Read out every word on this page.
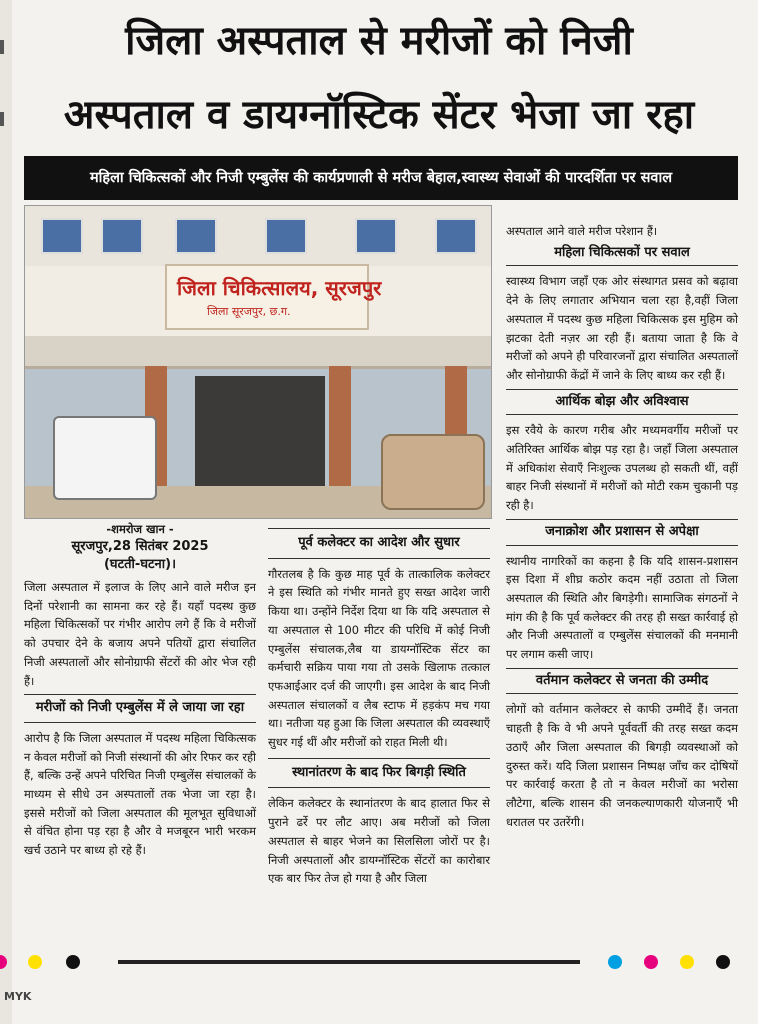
जिला अस्पताल से मरीजों को निजी
अस्पताल व डायग्नॉस्टिक सेंटर भेजा जा रहा
महिला चिकित्सकों और निजी एम्बुलेंस की कार्यप्रणाली से मरीज बेहाल,स्वास्थ्य सेवाओं की पारदर्शिता पर सवाल
जिला चिकित्सालय, सूरजपुर
जिला सूरजपुर, छ.ग.
-शमरोज खान -
सूरजपुर,28 सितंबर 2025
(घटती-घटना)।

जिला अस्पताल में इलाज के लिए आने वाले मरीज इन दिनों परेशानी का सामना कर रहे हैं। यहाँ पदस्थ कुछ महिला चिकित्सकों पर गंभीर आरोप लगे हैं कि वे मरीजों को उपचार देने के बजाय अपने पतियों द्वारा संचालित निजी अस्पतालों और सोनोग्राफी सेंटरों की ओर भेज रही हैं।

मरीजों को निजी एम्बुलेंस में ले जाया जा रहा

आरोप है कि जिला अस्पताल में पदस्थ महिला चिकित्सक न केवल मरीजों को निजी संस्थानों की ओर रिफर कर रही हैं, बल्कि उन्हें अपने परिचित निजी एम्बुलेंस संचालकों के माध्यम से सीधे उन अस्पतालों तक भेजा जा रहा है। इससे मरीजों को जिला अस्पताल की मूलभूत सुविधाओं से वंचित होना पड़ रहा है और वे मजबूरन भारी भरकम खर्च उठाने पर बाध्य हो रहे हैं।

पूर्व कलेक्टर का आदेश और सुधार

गौरतलब है कि कुछ माह पूर्व के तात्कालिक कलेक्टर ने इस स्थिति को गंभीर मानते हुए सख्त आदेश जारी किया था। उन्होंने निर्देश दिया था कि यदि अस्पताल से या अस्पताल से 100 मीटर की परिधि में कोई निजी एम्बुलेंस संचालक,लैब या डायग्नॉस्टिक सेंटर का कर्मचारी सक्रिय पाया गया तो उसके खिलाफ तत्काल एफआईआर दर्ज की जाएगी। इस आदेश के बाद निजी अस्पताल संचालकों व लैब स्टाफ में हड़कंप मच गया था। नतीजा यह हुआ कि जिला अस्पताल की व्यवस्थाएँ सुधर गई थीं और मरीजों को राहत मिली थी।

स्थानांतरण के बाद फिर बिगड़ी स्थिति

लेकिन कलेक्टर के स्थानांतरण के बाद हालात फिर से पुराने ढर्रे पर लौट आए। अब मरीजों को जिला अस्पताल से बाहर भेजने का सिलसिला जोरों पर है। निजी अस्पतालों और डायग्नॉस्टिक सेंटरों का कारोबार एक बार फिर तेज हो गया है और जिला

अस्पताल आने वाले मरीज परेशान हैं।

महिला चिकित्सकों पर सवाल

स्वास्थ्य विभाग जहाँ एक ओर संस्थागत प्रसव को बढ़ावा देने के लिए लगातार अभियान चला रहा है,वहीं जिला अस्पताल में पदस्थ कुछ महिला चिकित्सक इस मुहिम को झटका देती नज़र आ रही हैं। बताया जाता है कि वे मरीजों को अपने ही परिवारजनों द्वारा संचालित अस्पतालों और सोनोग्राफी केंद्रों में जाने के लिए बाध्य कर रही हैं।

आर्थिक बोझ और अविश्वास

इस रवैये के कारण गरीब और मध्यमवर्गीय मरीजों पर अतिरिक्त आर्थिक बोझ पड़ रहा है। जहाँ जिला अस्पताल में अधिकांश सेवाएँ निःशुल्क उपलब्ध हो सकती थीं, वहीं बाहर निजी संस्थानों में मरीजों को मोटी रकम चुकानी पड़ रही है।

जनाक्रोश और प्रशासन से अपेक्षा

स्थानीय नागरिकों का कहना है कि यदि शासन-प्रशासन इस दिशा में शीघ्र कठोर कदम नहीं उठाता तो जिला अस्पताल की स्थिति और बिगड़ेगी। सामाजिक संगठनों ने मांग की है कि पूर्व कलेक्टर की तरह ही सख्त कार्रवाई हो और निजी अस्पतालों व एम्बुलेंस संचालकों की मनमानी पर लगाम कसी जाए।

वर्तमान कलेक्टर से जनता की उम्मीद

लोगों को वर्तमान कलेक्टर से काफी उम्मीदें हैं। जनता चाहती है कि वे भी अपने पूर्ववर्ती की तरह सख्त कदम उठाएँ और जिला अस्पताल की बिगड़ी व्यवस्थाओं को दुरुस्त करें। यदि जिला प्रशासन निष्पक्ष जाँच कर दोषियों पर कार्रवाई करता है तो न केवल मरीजों का भरोसा लौटेगा, बल्कि शासन की जनकल्याणकारी योजनाएँ भी धरातल पर उतरेंगी।

MYK
